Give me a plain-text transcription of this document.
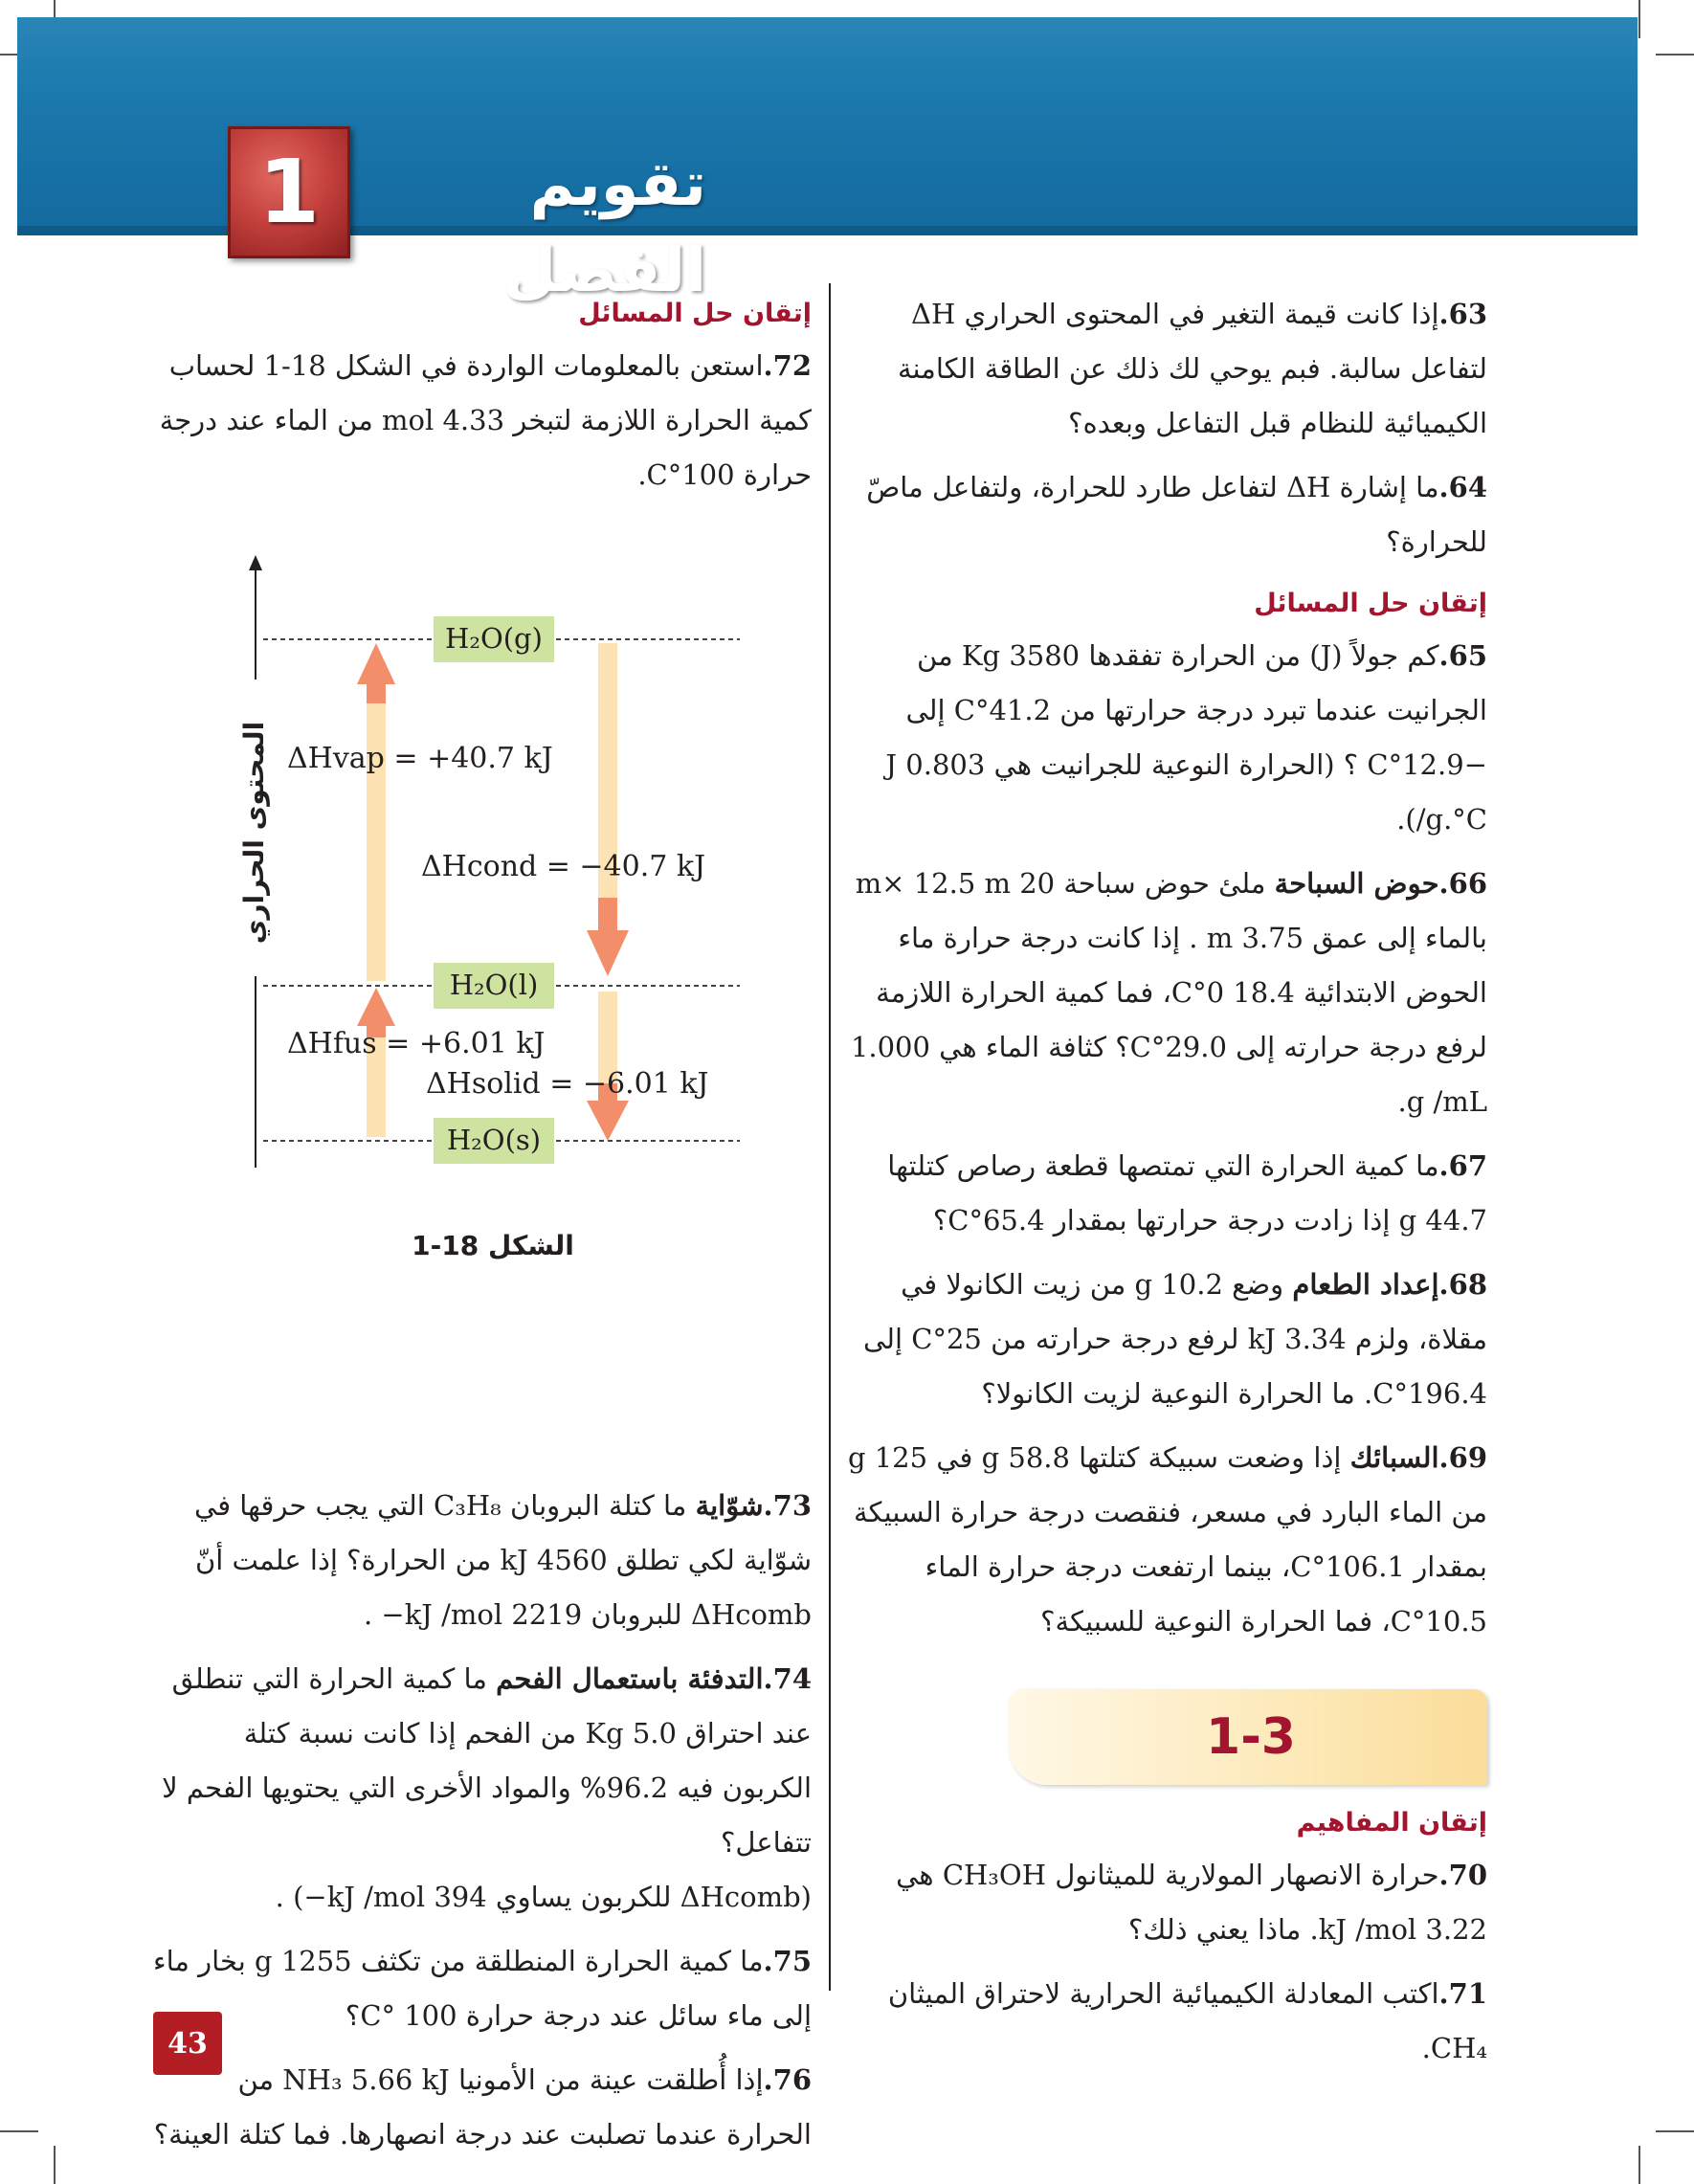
1	تقويم الفصل
63.إذا كانت قيمة التغير في المحتوى الحراري ΔH لتفاعل سالبة. فبم يوحي لك ذلك عن الطاقة الكامنة الكيميائية للنظام قبل التفاعل وبعده؟
64.ما إشارة ΔH لتفاعل طارد للحرارة، ولتفاعل ماصّ للحرارة؟
إتقان حل المسائل
65.كم جولاً (J) من الحرارة تفقدها 3580 Kg من الجرانيت عندما تبرد درجة حرارتها من 41.2°C إلى −12.9°C ؟ (الحرارة النوعية للجرانيت هي 0.803 J /g.°C).
66.حوض السباحة ملئ حوض سباحة 20 m× 12.5 m بالماء إلى عمق 3.75 m . إذا كانت درجة حرارة ماء الحوض الابتدائية 18.4 0°C، فما كمية الحرارة اللازمة لرفع درجة حرارته إلى 29.0°C؟ كثافة الماء هي 1.000 g /mL.
67.ما كمية الحرارة التي تمتصها قطعة رصاص كتلتها 44.7 g إذا زادت درجة حرارتها بمقدار 65.4°C؟
68.إعداد الطعام وضع 10.2 g من زيت الكانولا في مقلاة، ولزم 3.34 kJ لرفع درجة حرارته من 25°C إلى 196.4°C. ما الحرارة النوعية لزيت الكانولا؟
69.السبائك إذا وضعت سبيكة كتلتها 58.8 g في 125 g من الماء البارد في مسعر، فنقصت درجة حرارة السبيكة بمقدار 106.1°C، بينما ارتفعت درجة حرارة الماء 10.5°C، فما الحرارة النوعية للسبيكة؟
1-3
إتقان المفاهيم
70.حرارة الانصهار المولارية للميثانول CH₃OH هي 3.22 kJ /mol. ماذا يعني ذلك؟
71.اكتب المعادلة الكيميائية الحرارية لاحتراق الميثان CH₄.
إتقان حل المسائل
72.استعن بالمعلومات الواردة في الشكل 18-1 لحساب كمية الحرارة اللازمة لتبخر 4.33 mol من الماء عند درجة حرارة 100°C.
73.شوّاية ما كتلة البروبان C₃H₈ التي يجب حرقها في شوّاية لكي تطلق 4560 kJ من الحرارة؟ إذا علمت أنّ ΔHcomb للبروبان 2219 kJ /mol− .
74.التدفئة باستعمال الفحم ما كمية الحرارة التي تنطلق عند احتراق 5.0 Kg من الفحم إذا كانت نسبة كتلة الكربون فيه 96.2% والمواد الأخرى التي يحتويها الفحم لا تتفاعل؟
(ΔHcomb للكربون يساوي 394 kJ /mol−) .
75.ما كمية الحرارة المنطلقة من تكثف 1255 g بخار ماء إلى ماء سائل عند درجة حرارة 100 °C؟
76.إذا أُطلقت عينة من الأمونيا NH₃ 5.66 kJ من الحرارة عندما تصلبت عند درجة انصهارها. فما كتلة العينة؟
المحتوى الحراري
H₂O(g)
H₂O(l)
H₂O(s)
ΔHvap = +40.7 kJ
ΔHcond = −40.7 kJ
ΔHfus = +6.01 kJ
ΔHsolid = −6.01 kJ
الشكل 18-1
43
